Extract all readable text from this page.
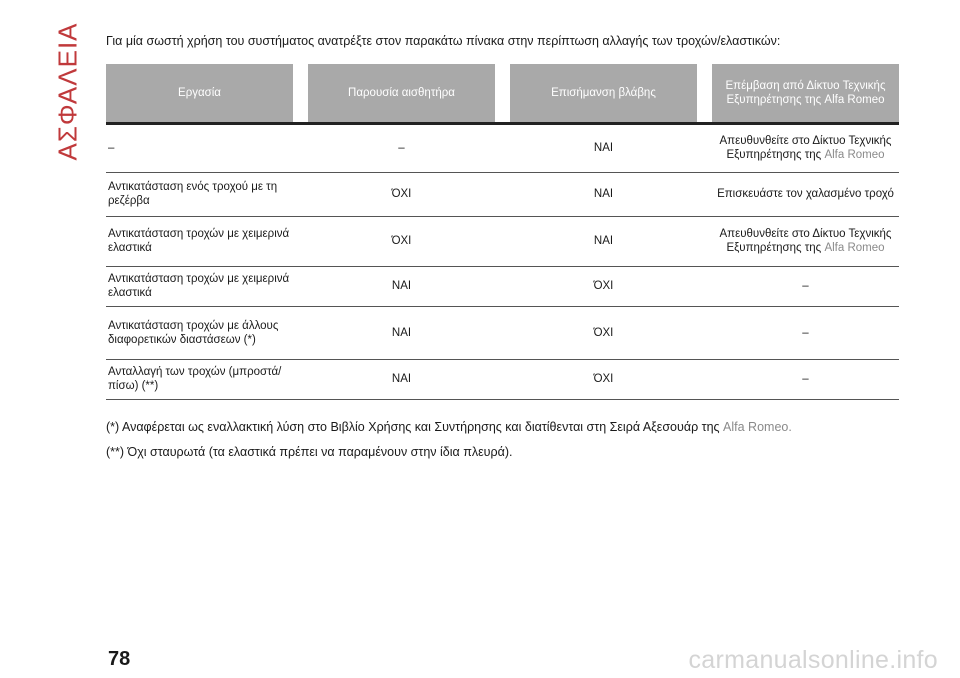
ΑΣΦΑΛΕΙΑ Για μία σωστή χρήση του συστήματος ανατρέξτε στον παρακάτω πίνακα στην περίπτωση αλλαγής των τροχών/ελαστικών:
Εργασία		Παρουσία αισθητήρα		Επισήμανση βλάβης		Επέμβαση από Δίκτυο Τεχνικής Εξυπηρέτησης της Alfa Romeo
–		–		ΝΑΙ		Απευθυνθείτε στο Δίκτυο Τεχνικής Εξυπηρέτησης της Alfa Romeo
Αντικατάσταση ενός τροχού με τη ρεζέρβα		ΌΧΙ		ΝΑΙ		Επισκευάστε τον χαλασμένο τροχό
Αντικατάσταση τροχών με χειμερινά ελαστικά		ΌΧΙ		ΝΑΙ		Απευθυνθείτε στο Δίκτυο Τεχνικής Εξυπηρέτησης της Alfa Romeo
Αντικατάσταση τροχών με χειμερινά ελαστικά		ΝΑΙ		ΌΧΙ		–
Αντικατάσταση τροχών με άλλους διαφορετικών διαστάσεων (*)		ΝΑΙ		ΌΧΙ		–
Ανταλλαγή των τροχών (μπροστά/πίσω) (**)		ΝΑΙ		ΌΧΙ		–

(*) Αναφέρεται ως εναλλακτική λύση στο Βιβλίο Χρήσης και Συντήρησης και διατίθενται στη Σειρά Αξεσουάρ της Alfa Romeo.

(**) Όχι σταυρωτά (τα ελαστικά πρέπει να παραμένουν στην ίδια πλευρά).

78	carmanualsonline.info
